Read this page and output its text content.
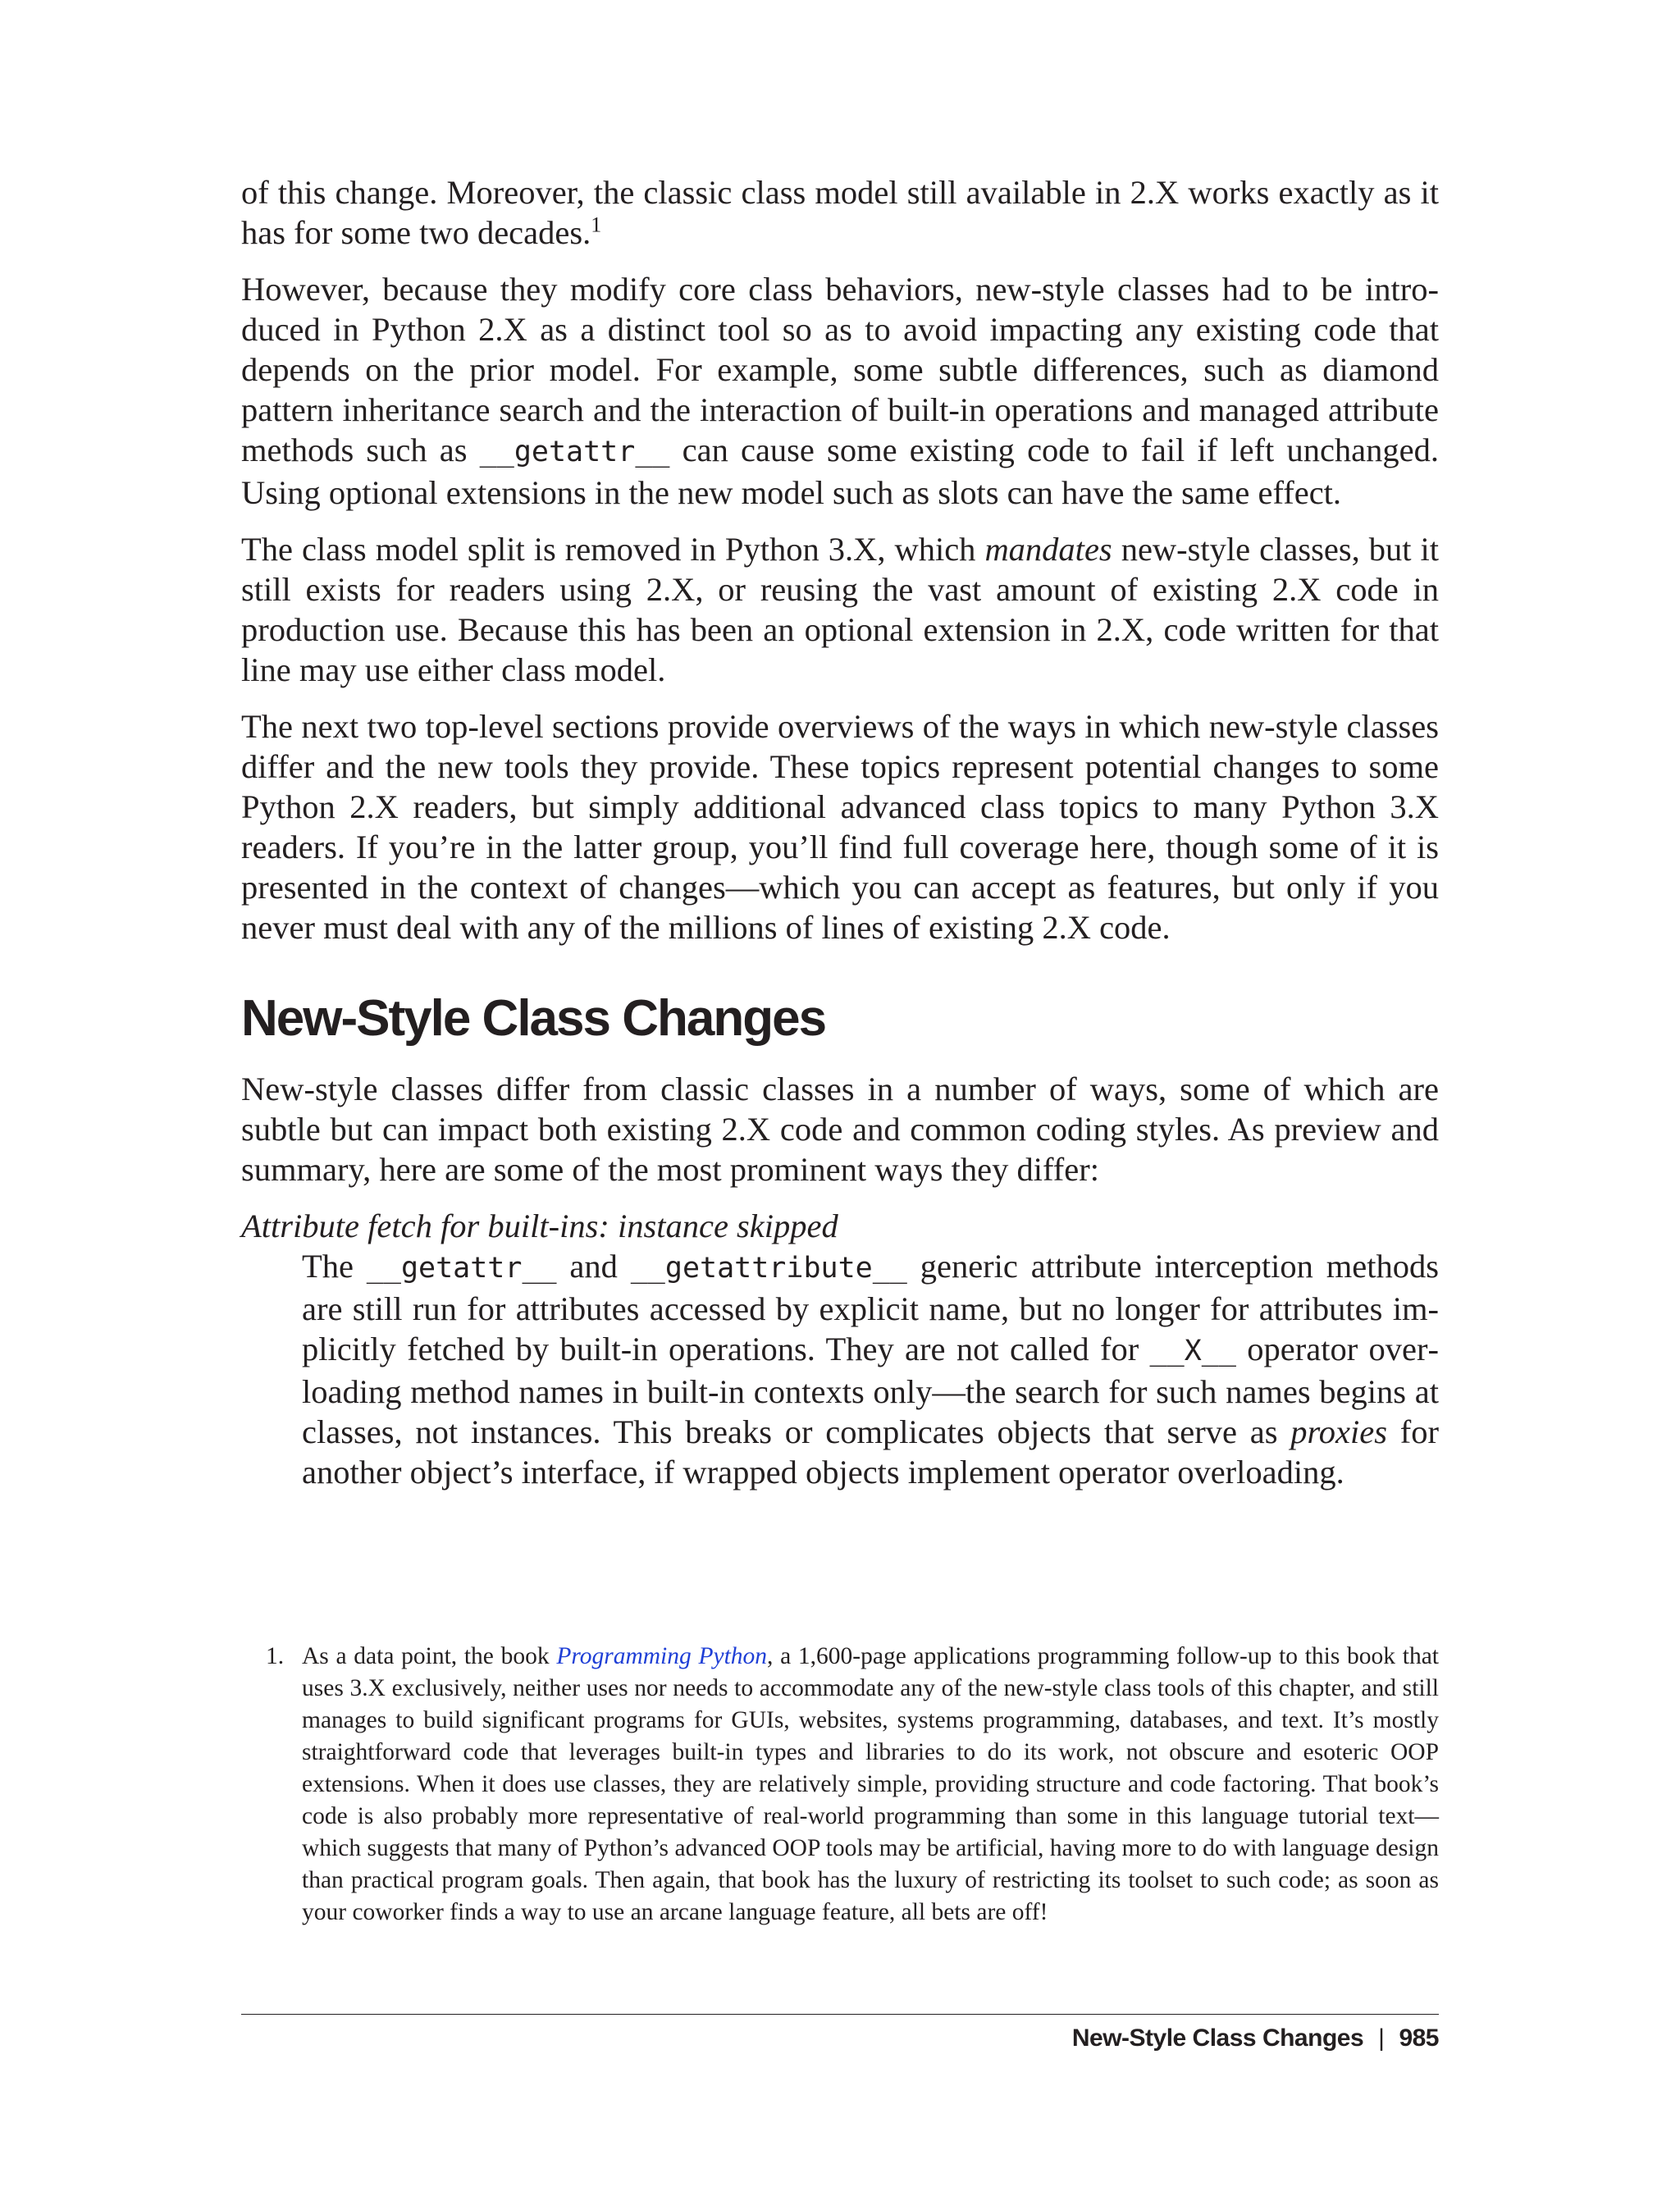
of this change. Moreover, the classic class model still available in 2.X works exactly as it has for some two decades.$^1$

However, because they modify core class behaviors, new-style classes had to be introduced in Python 2.X as a distinct tool so as to avoid impacting any existing code that depends on the prior model. For example, some subtle differences, such as diamond pattern inheritance search and the interaction of built-in operations and managed attribute methods such as __getattr__ can cause some existing code to fail if left unchanged. Using optional extensions in the new model such as slots can have the same effect.

The class model split is removed in Python 3.X, which mandates new-style classes, but it still exists for readers using 2.X, or reusing the vast amount of existing 2.X code in production use. Because this has been an optional extension in 2.X, code written for that line may use either class model.

The next two top-level sections provide overviews of the ways in which new-style classes differ and the new tools they provide. These topics represent potential changes to some Python 2.X readers, but simply additional advanced class topics to many Python 3.X readers. If you’re in the latter group, you’ll find full coverage here, though some of it is presented in the context of changes—which you can accept as features, but only if you never must deal with any of the millions of lines of existing 2.X code.

New-Style Class Changes

New-style classes differ from classic classes in a number of ways, some of which are subtle but can impact both existing 2.X code and common coding styles. As preview and summary, here are some of the most prominent ways they differ:

Attribute fetch for built-ins: instance skipped

The __getattr__ and __getattribute__ generic attribute interception methods are still run for attributes accessed by explicit name, but no longer for attributes implicitly fetched by built-in operations. They are not called for __X__ operator overloading method names in built-in contexts only—the search for such names begins at classes, not instances. This breaks or complicates objects that serve as proxies for another object’s interface, if wrapped objects implement operator overloading.

1. As a data point, the book Programming Python, a 1,600-page applications programming follow-up to this book that uses 3.X exclusively, neither uses nor needs to accommodate any of the new-style class tools of this chapter, and still manages to build significant programs for GUIs, websites, systems programming, databases, and text. It’s mostly straightforward code that leverages built-in types and libraries to do its work, not obscure and esoteric OOP extensions. When it does use classes, they are relatively simple, providing structure and code factoring. That book’s code is also probably more representative of real-world programming than some in this language tutorial text—which suggests that many of Python’s advanced OOP tools may be artificial, having more to do with language design than practical program goals. Then again, that book has the luxury of restricting its toolset to such code; as soon as your coworker finds a way to use an arcane language feature, all bets are off!
New-Style Class Changes | 985
